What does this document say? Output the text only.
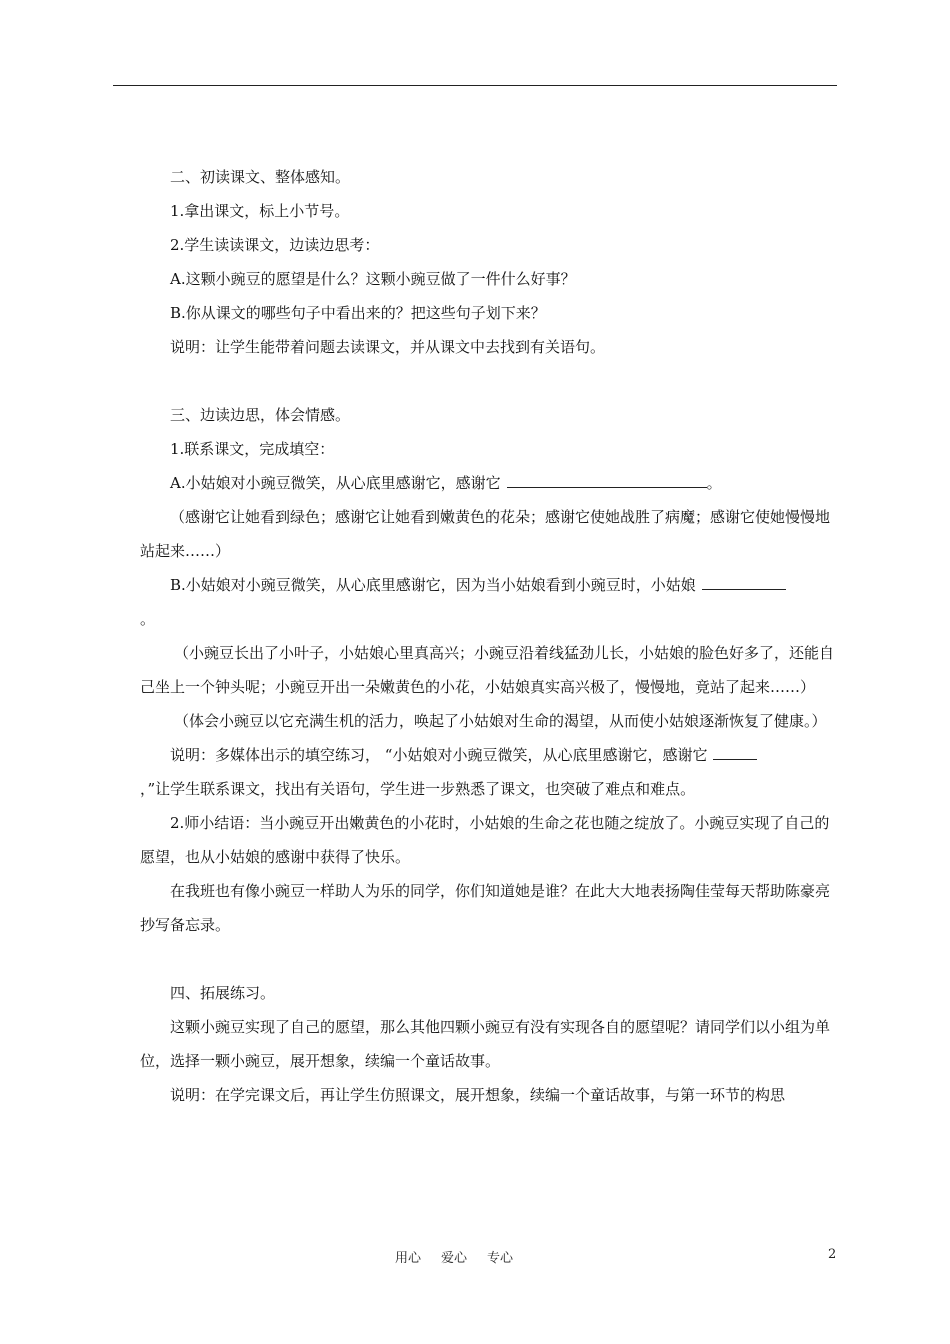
二、初读课文、整体感知。

1.拿出课文，标上小节号。

2.学生读读课文，边读边思考：

A.这颗小豌豆的愿望是什么？这颗小豌豆做了一件什么好事？

B.你从课文的哪些句子中看出来的？把这些句子划下来？

说明：让学生能带着问题去读课文，并从课文中去找到有关语句。

三、边读边思，体会情感。

1.联系课文，完成填空：

A.小姑娘对小豌豆微笑，从心底里感谢它，感谢它	。

（感谢它让她看到绿色；感谢它让她看到嫩黄色的花朵；感谢它使她战胜了病魔；感谢它使她慢慢地站起来……）

B.小姑娘对小豌豆微笑，从心底里感谢它，因为当小姑娘看到小豌豆时，小姑娘

。

（小豌豆长出了小叶子，小姑娘心里真高兴；小豌豆沿着线猛劲儿长，小姑娘的脸色好多了，还能自己坐上一个钟头呢；小豌豆开出一朵嫩黄色的小花，小姑娘真实高兴极了，慢慢地，竟站了起来……）

（体会小豌豆以它充满生机的活力，唤起了小姑娘对生命的渴望，从而使小姑娘逐渐恢复了健康。）

说明：多媒体出示的填空练习， “小姑娘对小豌豆微笑，从心底里感谢它，感谢它

，”让学生联系课文，找出有关语句，学生进一步熟悉了课文，也突破了难点和难点。

2.师小结语：当小豌豆开出嫩黄色的小花时，小姑娘的生命之花也随之绽放了。小豌豆实现了自己的愿望，也从小姑娘的感谢中获得了快乐。

在我班也有像小豌豆一样助人为乐的同学，你们知道她是谁？在此大大地表扬陶佳莹每天帮助陈豪亮抄写备忘录。

四、拓展练习。

这颗小豌豆实现了自己的愿望，那么其他四颗小豌豆有没有实现各自的愿望呢？请同学们以小组为单位，选择一颗小豌豆，展开想象，续编一个童话故事。

说明：在学完课文后，再让学生仿照课文，展开想象，续编一个童话故事，与第一环节的构思

用心 爱心 专心	2
